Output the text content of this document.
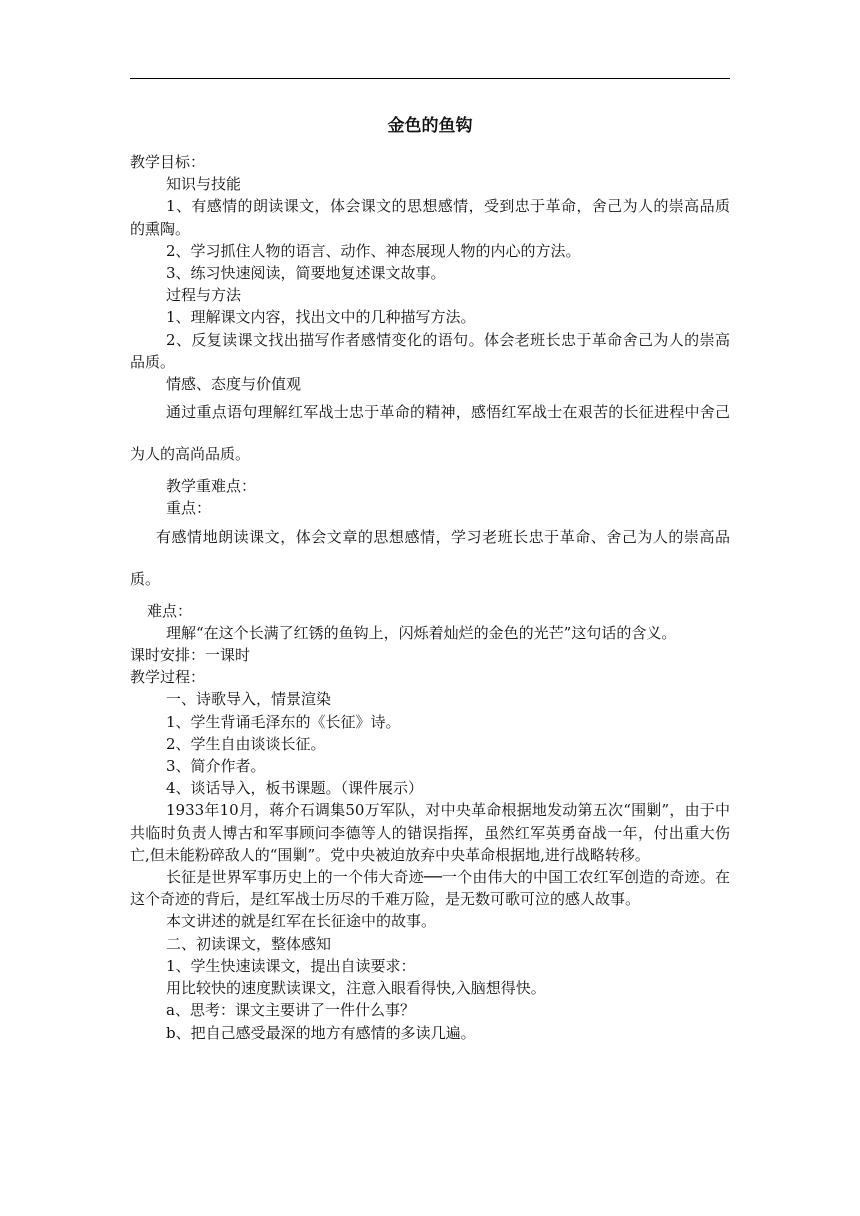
金色的鱼钩

教学目标：

知识与技能

1、有感情的朗读课文，体会课文的思想感情，受到忠于革命，舍己为人的崇高品质的熏陶。

2、学习抓住人物的语言、动作、神态展现人物的内心的方法。

3、练习快速阅读，简要地复述课文故事。

过程与方法

1、理解课文内容，找出文中的几种描写方法。

2、反复读课文找出描写作者感情变化的语句。体会老班长忠于革命舍己为人的崇高品质。

情感、态度与价值观

通过重点语句理解红军战士忠于革命的精神，感悟红军战士在艰苦的长征进程中舍己为人的高尚品质。

教学重难点：

重点：

有感情地朗读课文，体会文章的思想感情，学习老班长忠于革命、舍己为人的崇高品质。

难点：

理解“在这个长满了红锈的鱼钩上，闪烁着灿烂的金色的光芒”这句话的含义。

课时安排：一课时

教学过程：

一、诗歌导入，情景渲染

1、学生背诵毛泽东的《长征》诗。

2、学生自由谈谈长征。

3、简介作者。

4、谈话导入，板书课题。（课件展示）

1933年10月，蒋介石调集50万军队，对中央革命根据地发动第五次“围剿”，由于中共临时负责人博古和军事顾问李德等人的错误指挥，虽然红军英勇奋战一年，付出重大伤亡,但未能粉碎敌人的“围剿”。党中央被迫放弃中央革命根据地,进行战略转移。

长征是世界军事历史上的一个伟大奇迹──一个由伟大的中国工农红军创造的奇迹。在这个奇迹的背后，是红军战士历尽的千难万险，是无数可歌可泣的感人故事。

本文讲述的就是红军在长征途中的故事。

二、初读课文，整体感知

1、学生快速读课文，提出自读要求：

用比较快的速度默读课文，注意入眼看得快,入脑想得快。

a、思考：课文主要讲了一件什么事？

b、把自己感受最深的地方有感情的多读几遍。
